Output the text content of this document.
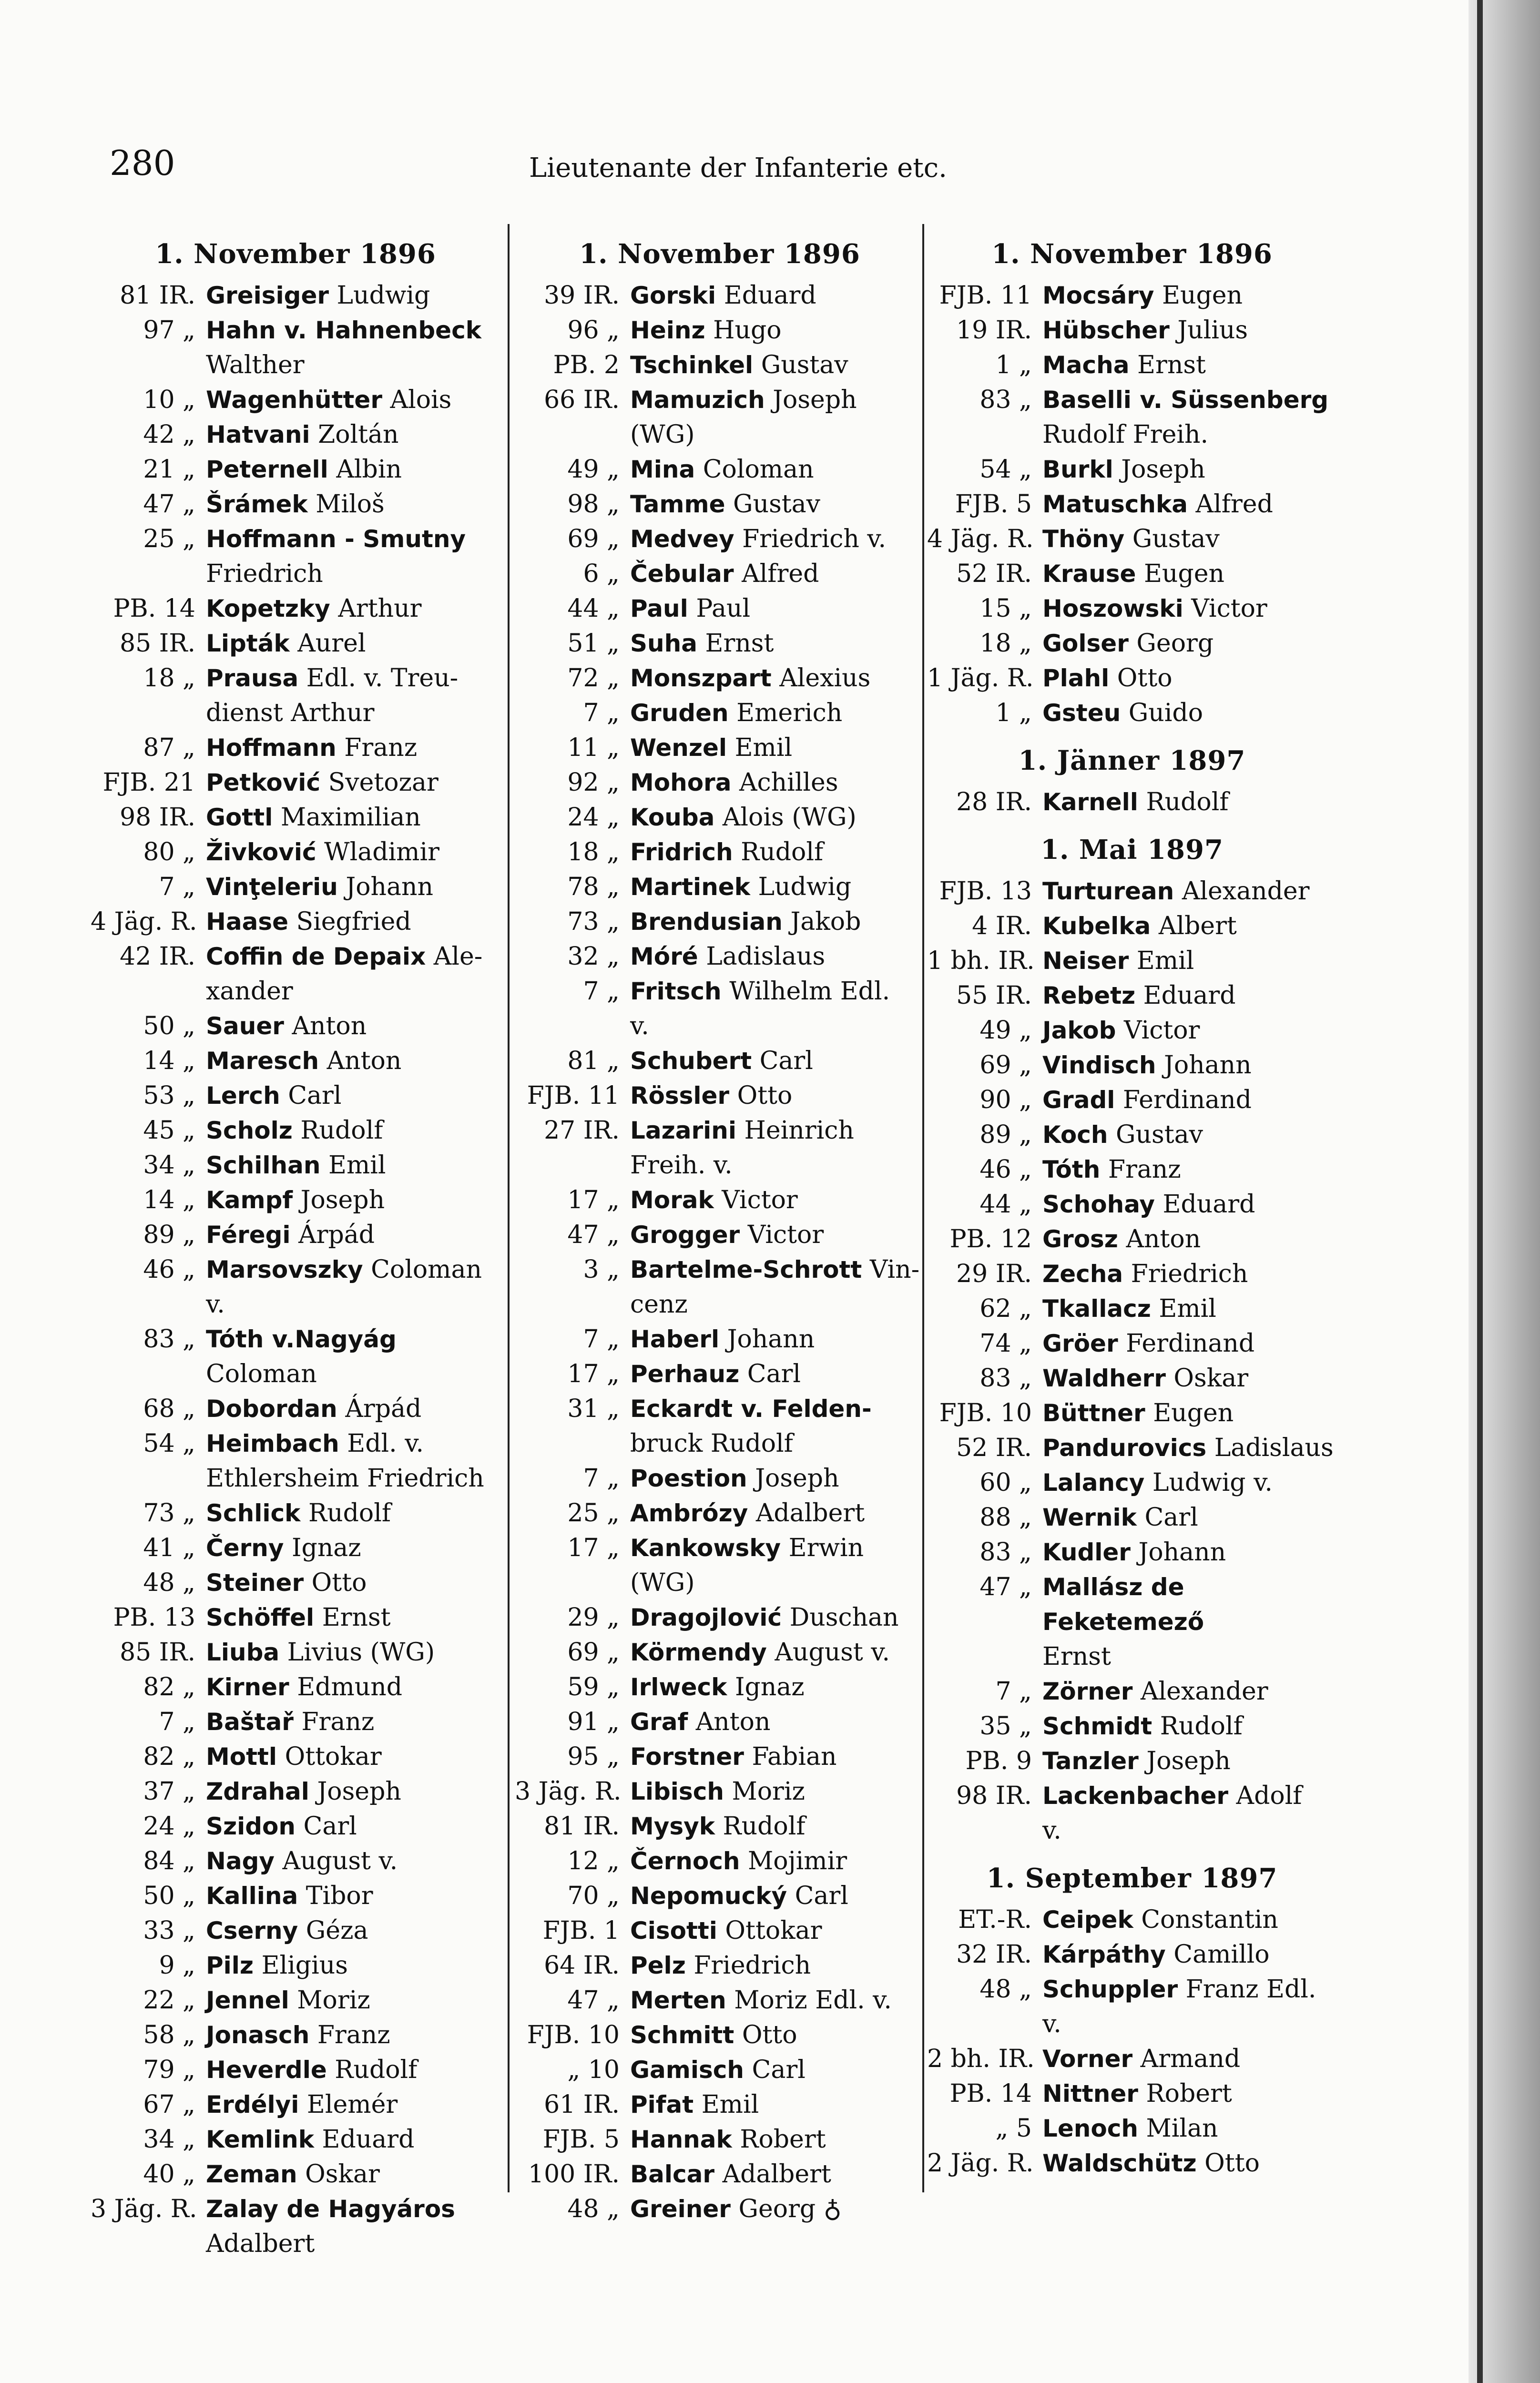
280	Lieutenante der Infanterie etc.
1. November 1896
81 IR. Greisiger Ludwig
97 „ Hahn v. Hahnenbeck
Walther
10 „ Wagenhütter Alois
42 „ Hatvani Zoltán
21 „ Peternell Albin
47 „ Šrámek Miloš
25 „ Hoffmann - Smutny
Friedrich
PB. 14 Kopetzky Arthur
85 IR. Lipták Aurel
18 „ Prausa Edl. v. Treu-
dienst Arthur
87 „ Hoffmann Franz
FJB. 21 Petković Svetozar
98 IR. Gottl Maximilian
80 „ Živković Wladimir
7 „ Vinţeleriu Johann
4 Jäg. R. Haase Siegfried
42 IR. Coffin de Depaix Ale-
xander
50 „ Sauer Anton
14 „ Maresch Anton
53 „ Lerch Carl
45 „ Scholz Rudolf
34 „ Schilhan Emil
14 „ Kampf Joseph
89 „ Féregi Árpád
46 „ Marsovszky Coloman v.
83 „ Tóth v.Nagyág Coloman
68 „ Dobordan Árpád
54 „ Heimbach Edl. v.
Ethlersheim Friedrich
73 „ Schlick Rudolf
41 „ Černy Ignaz
48 „ Steiner Otto
PB. 13 Schöffel Ernst
85 IR. Liuba Livius (WG)
82 „ Kirner Edmund
7 „ Baštař Franz
82 „ Mottl Ottokar
37 „ Zdrahal Joseph
24 „ Szidon Carl
84 „ Nagy August v.
50 „ Kallina Tibor
33 „ Cserny Géza
9 „ Pilz Eligius
22 „ Jennel Moriz
58 „ Jonasch Franz
79 „ Heverdle Rudolf
67 „ Erdélyi Elemér
34 „ Kemlink Eduard
40 „ Zeman Oskar
3 Jäg. R. Zalay de Hagyáros
Adalbert
1. November 1896
39 IR. Gorski Eduard
96 „ Heinz Hugo
PB. 2 Tschinkel Gustav
66 IR. Mamuzich Joseph (WG)
49 „ Mina Coloman
98 „ Tamme Gustav
69 „ Medvey Friedrich v.
6 „ Čebular Alfred
44 „ Paul Paul
51 „ Suha Ernst
72 „ Monszpart Alexius
7 „ Gruden Emerich
11 „ Wenzel Emil
92 „ Mohora Achilles
24 „ Kouba Alois (WG)
18 „ Fridrich Rudolf
78 „ Martinek Ludwig
73 „ Brendusian Jakob
32 „ Móré Ladislaus
7 „ Fritsch Wilhelm Edl.
v.
81 „ Schubert Carl
FJB. 11 Rössler Otto
27 IR. Lazarini Heinrich
Freih. v.
17 „ Morak Victor
47 „ Grogger Victor
3 „ Bartelme-Schrott Vin-
cenz
7 „ Haberl Johann
17 „ Perhauz Carl
31 „ Eckardt v. Felden-
bruck Rudolf
7 „ Poestion Joseph
25 „ Ambrózy Adalbert
17 „ Kankowsky Erwin
(WG)
29 „ Dragojlović Duschan
69 „ Körmendy August v.
59 „ Irlweck Ignaz
91 „ Graf Anton
95 „ Forstner Fabian
3 Jäg. R. Libisch Moriz
81 IR. Mysyk Rudolf
12 „ Černoch Mojimir
70 „ Nepomucký Carl
FJB. 1 Cisotti Ottokar
64 IR. Pelz Friedrich
47 „ Merten Moriz Edl. v.
FJB. 10 Schmitt Otto
„ 10 Gamisch Carl
61 IR. Pifat Emil
FJB. 5 Hannak Robert
100 IR. Balcar Adalbert
48 „ Greiner Georg ♁
1. November 1896
FJB. 11 Mocsáry Eugen
19 IR. Hübscher Julius
1 „ Macha Ernst
83 „ Baselli v. Süssenberg
Rudolf Freih.
54 „ Burkl Joseph
FJB. 5 Matuschka Alfred
4 Jäg. R. Thöny Gustav
52 IR. Krause Eugen
15 „ Hoszowski Victor
18 „ Golser Georg
1 Jäg. R. Plahl Otto
1 „ Gsteu Guido
1. Jänner 1897
28 IR. Karnell Rudolf
1. Mai 1897
FJB. 13 Turturean Alexander
4 IR. Kubelka Albert
1 bh. IR. Neiser Emil
55 IR. Rebetz Eduard
49 „ Jakob Victor
69 „ Vindisch Johann
90 „ Gradl Ferdinand
89 „ Koch Gustav
46 „ Tóth Franz
44 „ Schohay Eduard
PB. 12 Grosz Anton
29 IR. Zecha Friedrich
62 „ Tkallacz Emil
74 „ Gröer Ferdinand
83 „ Waldherr Oskar
FJB. 10 Büttner Eugen
52 IR. Pandurovics Ladislaus
60 „ Lalancy Ludwig v.
88 „ Wernik Carl
83 „ Kudler Johann
47 „ Mallász de Feketemező
Ernst
7 „ Zörner Alexander
35 „ Schmidt Rudolf
PB. 9 Tanzler Joseph
98 IR. Lackenbacher Adolf
v.
1. September 1897
ET.-R. Ceipek Constantin
32 IR. Kárpáthy Camillo
48 „ Schuppler Franz Edl.
v.
2 bh. IR. Vorner Armand
PB. 14 Nittner Robert
„ 5 Lenoch Milan
2 Jäg. R. Waldschütz Otto
